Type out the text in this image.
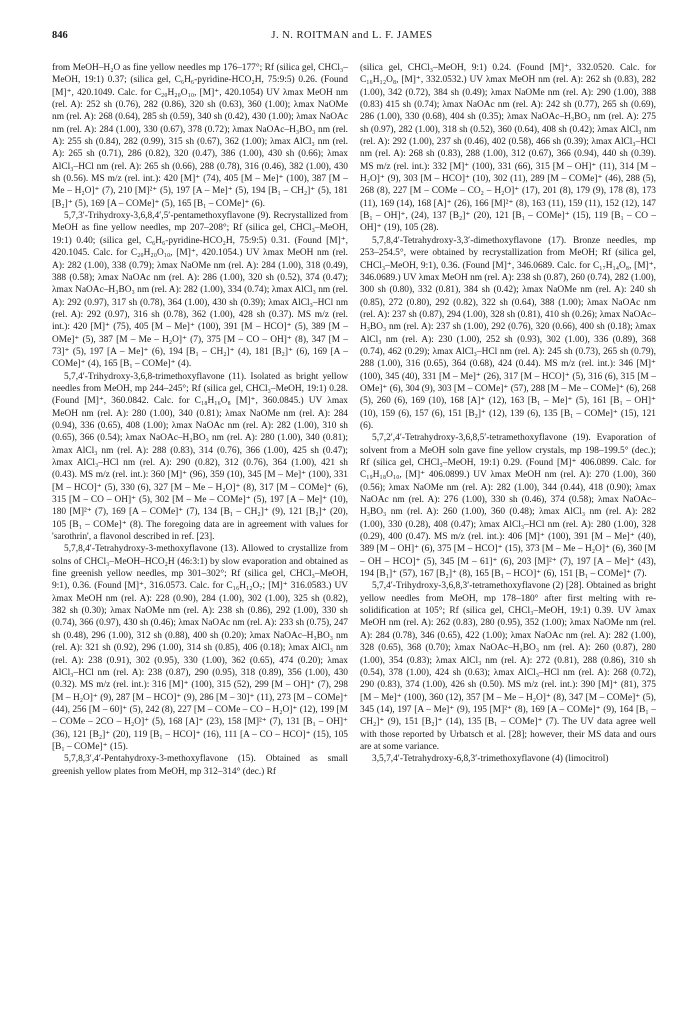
846	J. N. ROITMAN and L. F. JAMES

from MeOH–H₂O as fine yellow needles mp 176–177°; Rf (silica gel, CHCl₃–MeOH, 19:1) 0.37; (silica gel, C₆H₆-pyridine-HCO₂H, 75:9:5) 0.26. (Found [M]⁺, 420.1049. Calc. for C₂₀H₂₀O₁₀, [M]⁺, 420.1054) UV λmax MeOH nm (rel. A): 252 sh (0.76), 282 (0.86), 320 sh (0.63), 360 (1.00); λmax NaOMe nm (rel. A): 268 (0.64), 285 sh (0.59), 340 sh (0.42), 430 (1.00); λmax NaOAc nm (rel. A): 284 (1.00), 330 (0.67), 378 (0.72); λmax NaOAc–H₃BO₃ nm (rel. A): 255 sh (0.84), 282 (0.99), 315 sh (0.67), 362 (1.00); λmax AlCl₃ nm (rel. A): 265 sh (0.71), 286 (0.82), 320 (0.47), 386 (1.00), 430 sh (0.66); λmax AlCl₃–HCl nm (rel. A): 265 sh (0.66), 288 (0.78), 316 (0.46), 382 (1.00), 430 sh (0.56). MS m/z (rel. int.): 420 [M]⁺ (74), 405 [M – Me]⁺ (100), 387 [M – Me – H₂O]⁺ (7), 210 [M]²⁺ (5), 197 [A – Me]⁺ (5), 194 [B₁ – CH₂]⁺ (5), 181 [B₂]⁺ (5), 169 [A – COMe]⁺ (5), 165 [B₁ – COMe]⁺ (6).

5,7,3′-Trihydroxy-3,6,8,4′,5′-pentamethoxyflavone (9). Recrystallized from MeOH as fine yellow needles, mp 207–208°; Rf (silica gel, CHCl₃–MeOH, 19:1) 0.40; (silica gel, C₆H₆-pyridine-HCO₂H, 75:9:5) 0.31. (Found [M]⁺, 420.1045. Calc. for C₂₀H₂₀O₁₀, [M]⁺, 420.1054.) UV λmax MeOH nm (rel. A): 282 (1.00), 338 (0.79); λmax NaOMe nm (rel. A): 284 (1.00), 318 (0.49), 388 (0.58); λmax NaOAc nm (rel. A): 286 (1.00), 320 sh (0.52), 374 (0.47); λmax NaOAc–H₃BO₃ nm (rel. A): 282 (1.00), 334 (0.74); λmax AlCl₃ nm (rel. A): 292 (0.97), 317 sh (0.78), 364 (1.00), 430 sh (0.39); λmax AlCl₃–HCl nm (rel. A): 292 (0.97), 316 sh (0.78), 362 (1.00), 428 sh (0.37). MS m/z (rel. int.): 420 [M]⁺ (75), 405 [M – Me]⁺ (100), 391 [M – HCO]⁺ (5), 389 [M – OMe]⁺ (5), 387 [M – Me – H₂O]⁺ (7), 375 [M – CO – OH]⁺ (8), 347 [M – 73]⁺ (5), 197 [A – Me]⁺ (6), 194 [B₁ – CH₂]⁺ (4), 181 [B₂]⁺ (6), 169 [A – COMe]⁺ (4), 165 [B₁ – COMe]⁺ (4).

5,7,4′-Trihydroxy-3,6,8-trimethoxyflavone (11). Isolated as bright yellow needles from MeOH, mp 244–245°; Rf (silica gel, CHCl₃–MeOH, 19:1) 0.28. (Found [M]⁺, 360.0842. Calc. for C₁₈H₁₆O₈ [M]⁺, 360.0845.) UV λmax MeOH nm (rel. A): 280 (1.00), 340 (0.81); λmax NaOMe nm (rel. A): 284 (0.94), 336 (0.65), 408 (1.00); λmax NaOAc nm (rel. A): 282 (1.00), 310 sh (0.65), 366 (0.54); λmax NaOAc–H₃BO₃ nm (rel. A): 280 (1.00), 340 (0.81); λmax AlCl₃ nm (rel. A): 288 (0.83), 314 (0.76), 366 (1.00), 425 sh (0.47); λmax AlCl₃–HCl nm (rel. A): 290 (0.82), 312 (0.76), 364 (1.00), 421 sh (0.43). MS m/z (rel. int.): 360 [M]⁺ (96), 359 (10), 345 [M – Me]⁺ (100), 331 [M – HCO]⁺ (5), 330 (6), 327 [M – Me – H₂O]⁺ (8), 317 [M – COMe]⁺ (6), 315 [M – CO – OH]⁺ (5), 302 [M – Me – COMe]⁺ (5), 197 [A – Me]⁺ (10), 180 [M]²⁺ (7), 169 [A – COMe]⁺ (7), 134 [B₁ – CH₂]⁺ (9), 121 [B₂]⁺ (20), 105 [B₁ – COMe]⁺ (8). The foregoing data are in agreement with values for 'sarothrin', a flavonol described in ref. [23].

5,7,8,4′-Tetrahydroxy-3-methoxyflavone (13). Allowed to crystallize from solns of CHCl₃–MeOH–HCO₂H (46:3:1) by slow evaporation and obtained as fine greenish yellow needles, mp 301–302°; Rf (silica gel, CHCl₃–MeOH, 9:1), 0.36. (Found [M]⁺, 316.0573. Calc. for C₁₆H₁₂O₇; [M]⁺ 316.0583.) UV λmax MeOH nm (rel. A): 228 (0.90), 284 (1.00), 302 (1.00), 325 sh (0.82), 382 sh (0.30); λmax NaOMe nm (rel. A): 238 sh (0.86), 292 (1.00), 330 sh (0.74), 366 (0.97), 430 sh (0.46); λmax NaOAc nm (rel. A): 233 sh (0.75), 247 sh (0.48), 296 (1.00), 312 sh (0.88), 400 sh (0.20); λmax NaOAc–H₃BO₃ nm (rel. A): 321 sh (0.92), 296 (1.00), 314 sh (0.85), 406 (0.18); λmax AlCl₃ nm (rel. A): 238 (0.91), 302 (0.95), 330 (1.00), 362 (0.65), 474 (0.20); λmax AlCl₃–HCl nm (rel. A): 238 (0.87), 290 (0.95), 318 (0.89), 356 (1.00), 430 (0.32). MS m/z (rel. int.): 316 [M]⁺ (100), 315 (52), 299 [M – OH]⁺ (7), 298 [M – H₂O]⁺ (9), 287 [M – HCO]⁺ (9), 286 [M – 30]⁺ (11), 273 [M – COMe]⁺ (44), 256 [M – 60]⁺ (5), 242 (8), 227 [M – COMe – CO – H₂O]⁺ (12), 199 [M – COMe – 2CO – H₂O]⁺ (5), 168 [A]⁺ (23), 158 [M]²⁺ (7), 131 [B₁ – OH]⁺ (36), 121 [B₂]⁺ (20), 119 [B₁ – HCO]⁺ (16), 111 [A – CO – HCO]⁺ (15), 105 [B₁ – COMe]⁺ (15).

5,7,8,3′,4′-Pentahydroxy-3-methoxyflavone (15). Obtained as small greenish yellow plates from MeOH, mp 312–314° (dec.) Rf

(silica gel, CHCl₃–MeOH, 9:1) 0.24. (Found [M]⁺, 332.0520. Calc. for C₁₆H₁₂O₈, [M]⁺, 332.0532.) UV λmax MeOH nm (rel. A): 262 sh (0.83), 282 (1.00), 342 (0.72), 384 sh (0.49); λmax NaOMe nm (rel. A): 290 (1.00), 388 (0.83) 415 sh (0.74); λmax NaOAc nm (rel. A): 242 sh (0.77), 265 sh (0.69), 286 (1.00), 330 (0.68), 404 sh (0.35); λmax NaOAc–H₃BO₃ nm (rel. A): 275 sh (0.97), 282 (1.00), 318 sh (0.52), 360 (0.64), 408 sh (0.42); λmax AlCl₃ nm (rel. A): 292 (1.00), 237 sh (0.46), 402 (0.58), 466 sh (0.39); λmax AlCl₃–HCl nm (rel. A): 268 sh (0.83), 288 (1.00), 312 (0.67), 366 (0.94), 440 sh (0.39). MS m/z (rel. int.): 332 [M]⁺ (100), 331 (66), 315 [M – OH]⁺ (11), 314 [M – H₂O]⁺ (9), 303 [M – HCO]⁺ (10), 302 (11), 289 [M – COMe]⁺ (46), 288 (5), 268 (8), 227 [M – COMe – CO₂ – H₂O]⁺ (17), 201 (8), 179 (9), 178 (8), 173 (11), 169 (14), 168 [A]⁺ (26), 166 [M]²⁺ (8), 163 (11), 159 (11), 152 (12), 147 [B₁ – OH]⁺, (24), 137 [B₂]⁺ (20), 121 [B₁ – COMe]⁺ (15), 119 [B₁ – CO – OH]⁺ (19), 105 (28).

5,7,8,4′-Tetrahydroxy-3,3′-dimethoxyflavone (17). Bronze needles, mp 253–254.5°, were obtained by recrystallization from MeOH; Rf (silica gel, CHCl₃–MeOH, 9:1), 0.36. (Found [M]⁺, 346.0689. Calc. for C₁₇H₁₄O₈, [M]⁺, 346.0689.) UV λmax MeOH nm (rel. A): 238 sh (0.87), 260 (0.74), 282 (1.00), 300 sh (0.80), 332 (0.81), 384 sh (0.42); λmax NaOMe nm (rel. A): 240 sh (0.85), 272 (0.80), 292 (0.82), 322 sh (0.64), 388 (1.00); λmax NaOAc nm (rel. A): 237 sh (0.87), 294 (1.00), 328 sh (0.81), 410 sh (0.26); λmax NaOAc–H₃BO₃ nm (rel. A): 237 sh (1.00), 292 (0.76), 320 (0.66), 400 sh (0.18); λmax AlCl₃ nm (rel. A): 230 (1.00), 252 sh (0.93), 302 (1.00), 336 (0.89), 368 (0.74), 462 (0.29); λmax AlCl₃–HCl nm (rel. A): 245 sh (0.73), 265 sh (0.79), 288 (1.00), 316 (0.65), 364 (0.68), 424 (0.44). MS m/z (rel. int.): 346 [M]⁺ (100), 345 (40), 331 [M – Me]⁺ (26), 317 [M – HCO]⁺ (5), 316 (6), 315 [M – OMe]⁺ (6), 304 (9), 303 [M – COMe]⁺ (57), 288 [M – Me – COMe]⁺ (6), 268 (5), 260 (6), 169 (10), 168 [A]⁺ (12), 163 [B₁ – Me]⁺ (5), 161 [B₁ – OH]⁺ (10), 159 (6), 157 (6), 151 [B₂]⁺ (12), 139 (6), 135 [B₁ – COMe]⁺ (15), 121 (6).

5,7,2′,4′-Tetrahydroxy-3,6,8,5′-tetramethoxyflavone (19). Evaporation of solvent from a MeOH soln gave fine yellow crystals, mp 198–199.5° (dec.); Rf (silica gel, CHCl₃–MeOH, 19:1) 0.29. (Found [M]⁺ 406.0899. Calc. for C₁₉H₁₈O₁₀, [M]⁺ 406.0899.) UV λmax MeOH nm (rel. A): 270 (1.00), 360 (0.56); λmax NaOMe nm (rel. A): 282 (1.00), 344 (0.44), 418 (0.90); λmax NaOAc nm (rel. A): 276 (1.00), 330 sh (0.46), 374 (0.58); λmax NaOAc–H₃BO₃ nm (rel. A): 260 (1.00), 360 (0.48); λmax AlCl₃ nm (rel. A): 282 (1.00), 330 (0.28), 408 (0.47); λmax AlCl₃–HCl nm (rel. A): 280 (1.00), 328 (0.29), 400 (0.47). MS m/z (rel. int.): 406 [M]⁺ (100), 391 [M – Me]⁺ (40), 389 [M – OH]⁺ (6), 375 [M – HCO]⁺ (15), 373 [M – Me – H₂O]⁺ (6), 360 [M – OH – HCO]⁺ (5), 345 [M – 61]⁺ (6), 203 [M]²⁺ (7), 197 [A – Me]⁺ (43), 194 [B₁]⁺ (57), 167 [B₂]⁺ (8), 165 [B₁ – HCO]⁺ (6), 151 [B₁ – COMe]⁺ (7).

5,7,4′-Trihydroxy-3,6,8,3′-tetramethoxyflavone (2) [28]. Obtained as bright yellow needles from MeOH, mp 178–180° after first melting with re-solidification at 105°; Rf (silica gel, CHCl₃–MeOH, 19:1) 0.39. UV λmax MeOH nm (rel. A): 262 (0.83), 280 (0.95), 352 (1.00); λmax NaOMe nm (rel. A): 284 (0.78), 346 (0.65), 422 (1.00); λmax NaOAc nm (rel. A): 282 (1.00), 328 (0.65), 368 (0.70); λmax NaOAc–H₃BO₃ nm (rel. A): 260 (0.87), 280 (1.00), 354 (0.83); λmax AlCl₃ nm (rel. A): 272 (0.81), 288 (0.86), 310 sh (0.54), 378 (1.00), 424 sh (0.63); λmax AlCl₃–HCl nm (rel. A): 268 (0.72), 290 (0.83), 374 (1.00), 426 sh (0.50). MS m/z (rel. int.): 390 [M]⁺ (81), 375 [M – Me]⁺ (100), 360 (12), 357 [M – Me – H₂O]⁺ (8), 347 [M – COMe]⁺ (5), 345 (14), 197 [A – Me]⁺ (9), 195 [M]²⁺ (8), 169 [A – COMe]⁺ (9), 164 [B₁ – CH₂]⁺ (9), 151 [B₂]⁺ (14), 135 [B₁ – COMe]⁺ (7). The UV data agree well with those reported by Urbatsch et al. [28]; however, their MS data and ours are at some variance.

3,5,7,4′-Tetrahydroxy-6,8,3′-trimethoxyflavone (4) (limocitrol)
